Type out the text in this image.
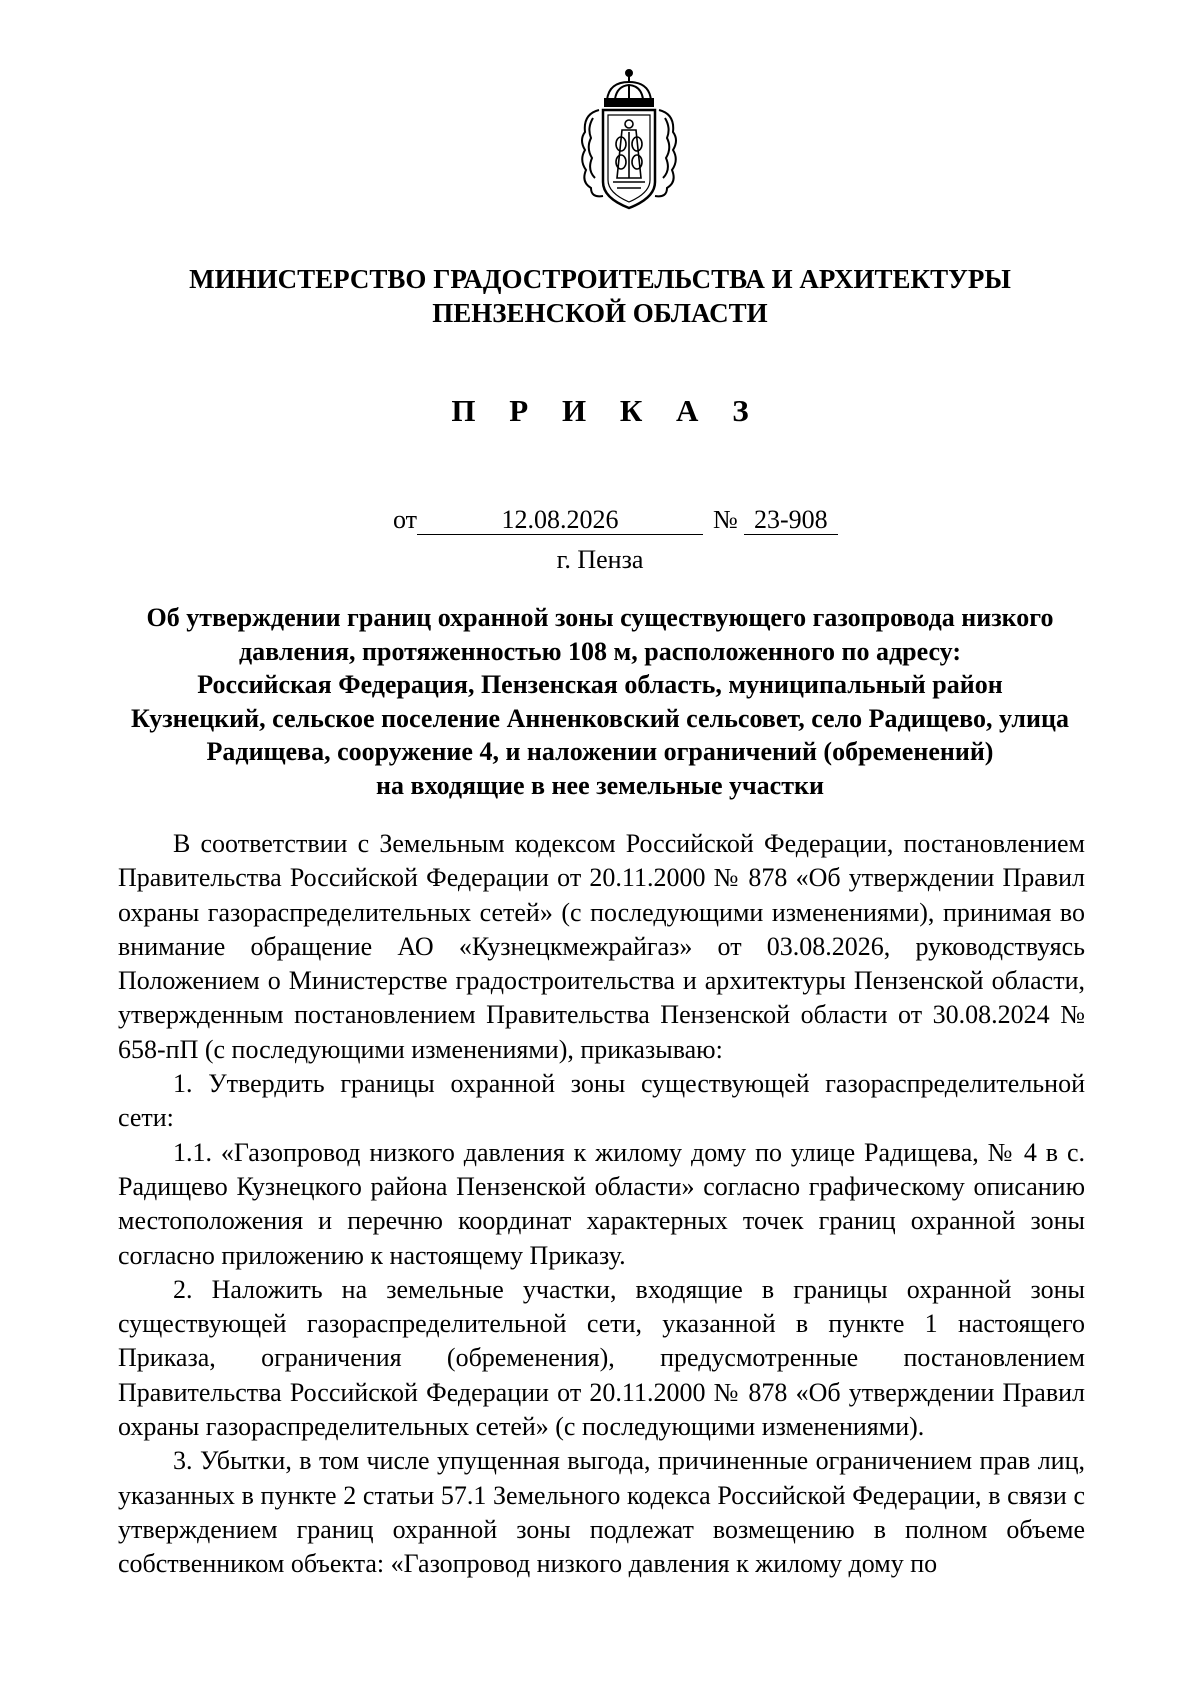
МИНИСТЕРСТВО ГРАДОСТРОИТЕЛЬСТВА И АРХИТЕКТУРЫ
ПЕНЗЕНСКОЙ ОБЛАСТИ
П Р И К А З
от	12.08.2026	№ 23-908
г. Пенза
Об утверждении границ охранной зоны существующего газопровода низкого
давления, протяженностью 108 м, расположенного по адресу:
Российская Федерация, Пензенская область, муниципальный район
Кузнецкий, сельское поселение Анненковский сельсовет, село Радищево, улица
Радищева, сооружение 4, и наложении ограничений (обременений)
на входящие в нее земельные участки

В соответствии с Земельным кодексом Российской Федерации, постановлением Правительства Российской Федерации от 20.11.2000 № 878 «Об утверждении Правил охраны газораспределительных сетей» (с последующими изменениями), принимая во внимание обращение АО «Кузнецкмежрайгаз» от 03.08.2026, руководствуясь Положением о Министерстве градостроительства и архитектуры Пензенской области, утвержденным постановлением Правительства Пензенской области от 30.08.2024 № 658-пП (с последующими изменениями), приказываю:

1. Утвердить границы охранной зоны существующей газораспределительной сети:

1.1. «Газопровод низкого давления к жилому дому по улице Радищева, № 4 в с. Радищево Кузнецкого района Пензенской области» согласно графическому описанию местоположения и перечню координат характерных точек границ охранной зоны согласно приложению к настоящему Приказу.

2. Наложить на земельные участки, входящие в границы охранной зоны существующей газораспределительной сети, указанной в пункте 1 настоящего Приказа, ограничения (обременения), предусмотренные постановлением Правительства Российской Федерации от 20.11.2000 № 878 «Об утверждении Правил охраны газораспределительных сетей» (с последующими изменениями).

3. Убытки, в том числе упущенная выгода, причиненные ограничением прав лиц, указанных в пункте 2 статьи 57.1 Земельного кодекса Российской Федерации, в связи с утверждением границ охранной зоны подлежат возмещению в полном объеме собственником объекта: «Газопровод низкого давления к жилому дому по
